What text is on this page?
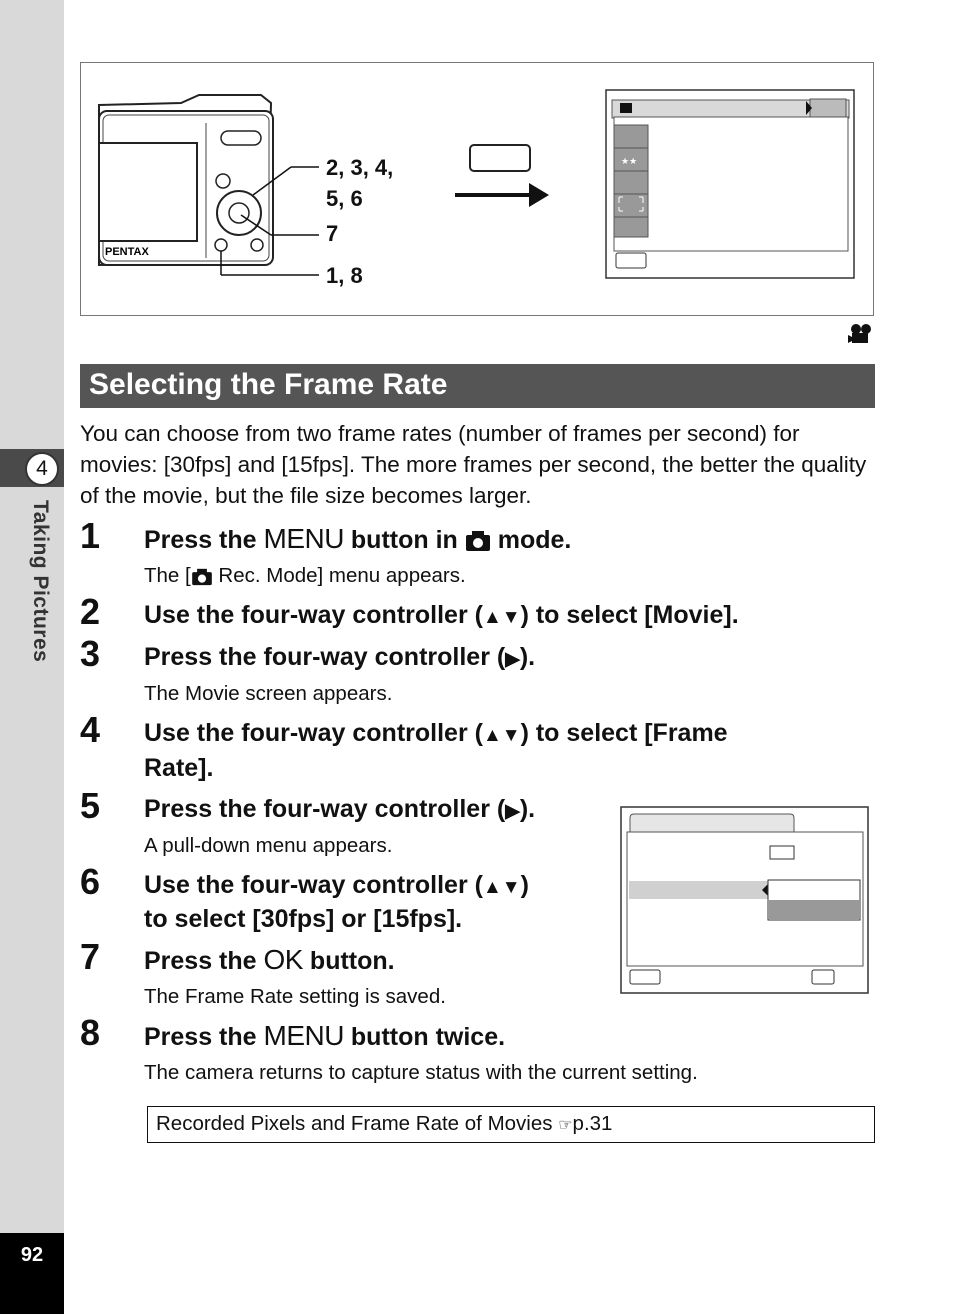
4
Taking Pictures
92
PENTAX
★★
2, 3, 4,
5, 6
7
1, 8
Selecting the Frame Rate
You can choose from two frame rates (number of frames per second) for movies: [30fps] and [15fps]. The more frames per second, the better the quality of the movie, but the file size becomes larger.
1 Press the MENU button in
mode.
The [
Rec. Mode] menu appears.
2 Use the four-way controller (▲▼) to select [Movie].
3 Press the four-way controller (▶).
The Movie screen appears.
4 Use the four-way controller (▲▼) to select [Frame
Rate].
5 Press the four-way controller (▶).
A pull-down menu appears.
6 Use the four-way controller (▲▼)
to select [30fps] or [15fps].
7 Press the OK button.
The Frame Rate setting is saved.
8 Press the MENU button twice.
The camera returns to capture status with the current setting.
Recorded Pixels and Frame Rate of Movies ☞p.31
